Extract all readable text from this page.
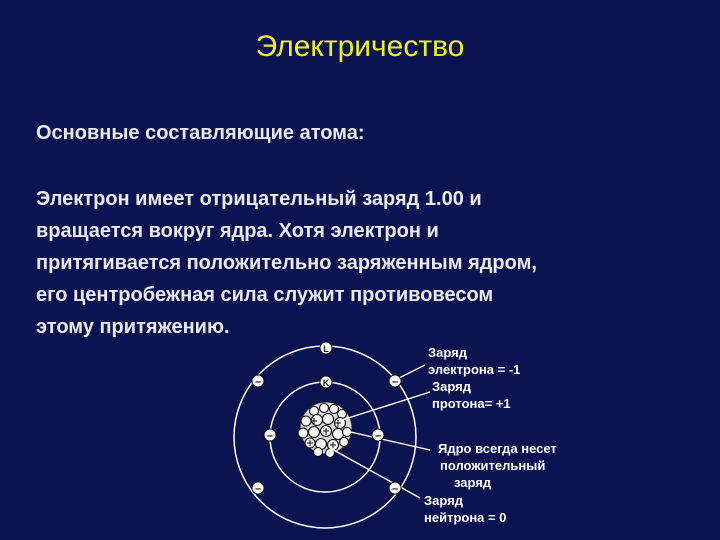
Электричество
Основные составляющие атома:
Электрон имеет отрицательный заряд 1.00 и
вращается вокруг ядра. Хотя электрон и
притягивается положительно заряженным ядром,
его центробежная сила служит противовесом
этому притяжению.
L
K
–	–
–	–
–	–
Заряд
электрона = -1
Заряд
протона= +1
Ядро всегда несет
положительный
заряд
Заряд
нейтрона = 0
